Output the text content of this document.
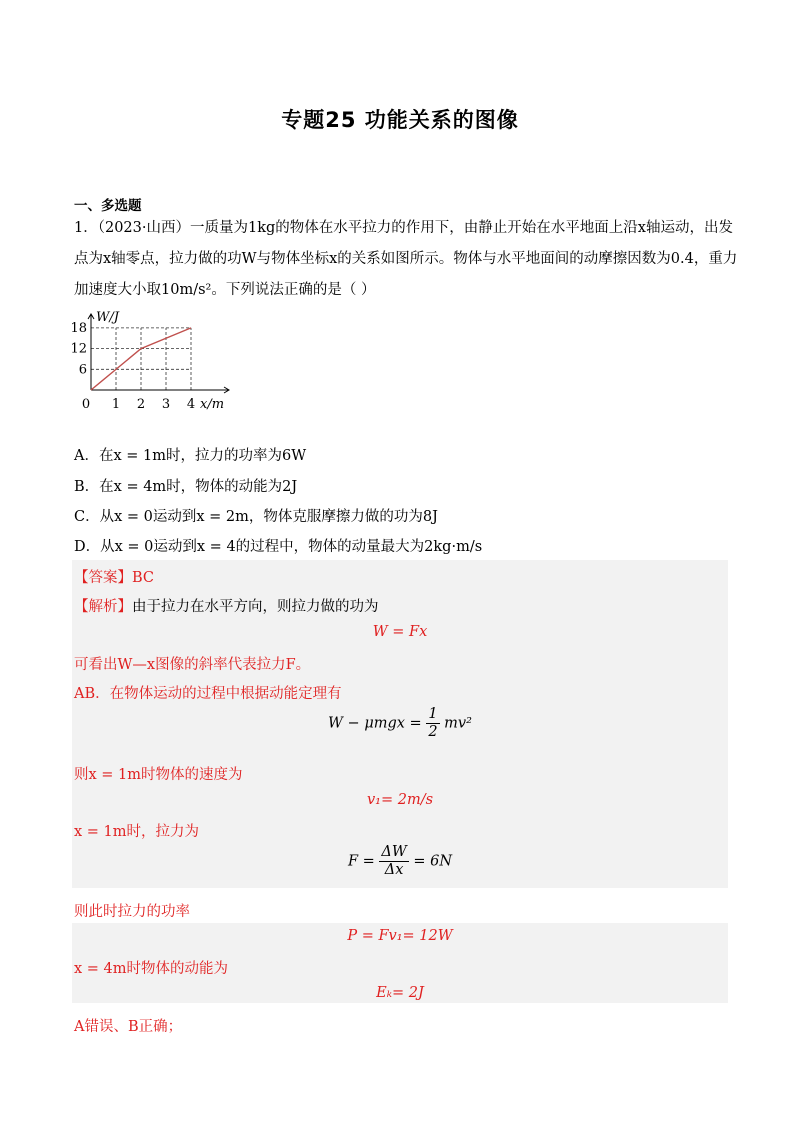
专题25 功能关系的图像
一、多选题
1．（2023·山西）一质量为1kg的物体在水平拉力的作用下，由静止开始在水平地面上沿x轴运动，出发
点为x轴零点，拉力做的功W与物体坐标x的关系如图所示。物体与水平地面间的动摩擦因数为0.4，重力
加速度大小取10m/s²。下列说法正确的是（ ）
W/J
x/m
6
12
18
0 1 2 3 4
A．在x = 1m时，拉力的功率为6W
B．在x = 4m时，物体的动能为2J
C．从x = 0运动到x = 2m，物体克服摩擦力做的功为8J
D．从x = 0运动到x = 4的过程中，物体的动量最大为2kg·m/s
【答案】BC
【解析】由于拉力在水平方向，则拉力做的功为
W = Fx
可看出W—x图像的斜率代表拉力F。
AB．在物体运动的过程中根据动能定理有
$W - \mu mgx = \frac{1}{2} mv^2$
则x = 1m时物体的速度为
v₁= 2m/s
x = 1m时，拉力为
$F = \frac{\Delta W}{\Delta x} = 6N$
则此时拉力的功率
P = Fv₁= 12W
x = 4m时物体的动能为
Eₖ= 2J
A错误、B正确；
